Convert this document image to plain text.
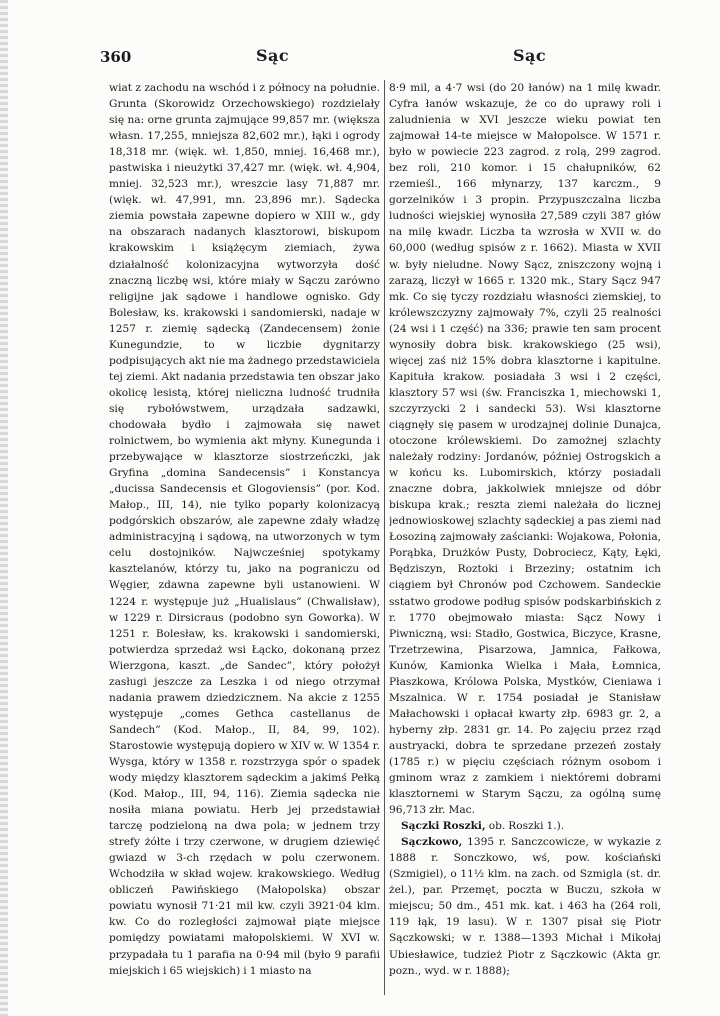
360	Sąc	Sąc

wiat z zachodu na wschód i z północy na południe. Grunta (Skorowidz Orzechowskiego) rozdzielały się na: orne grunta zajmujące 99,857 mr. (większa własn. 17,255, mniejsza 82,602 mr.), łąki i ogrody 18,318 mr. (więk. wł. 1,850, mniej. 16,468 mr.), pastwiska i nieużytki 37,427 mr. (więk. wł. 4,904, mniej. 32,523 mr.), wreszcie lasy 71,887 mr. (więk. wł. 47,991, mn. 23,896 mr.). Sądecka ziemia powstała zapewne dopiero w XIII w., gdy na obszarach nadanych klasztorowi, biskupom krakowskim i książęcym ziemiach, żywa działalność kolonizacyjna wytworzyła dość znaczną liczbę wsi, które miały w Sączu zarówno religijne jak sądowe i handlowe ognisko. Gdy Bolesław, ks. krakowski i sandomierski, nadaje w 1257 r. ziemię sądecką (Zandecensem) żonie Kunegundzie, to w liczbie dygnitarzy podpisujących akt nie ma żadnego przedstawiciela tej ziemi. Akt nadania przedstawia ten obszar jako okolicę lesistą, której nieliczna ludność trudniła się rybołówstwem, urządzała sadzawki, chodowała bydło i zajmowała się nawet rolnictwem, bo wymienia akt młyny. Kunegunda i przebywające w klasztorze siostrzeńczki, jak Gryfina „domina Sandecensis” i Konstancya „ducissa Sandecensis et Glogoviensis” (por. Kod. Małop., III, 14), nie tylko poparły kolonizacyą podgórskich obszarów, ale zapewne zdały władzę administracyjną i sądową, na utworzonych w tym celu dostojników. Najwcześniej spotykamy kasztelanów, którzy tu, jako na pograniczu od Węgier, zdawna zapewne byli ustanowieni. W 1224 r. występuje już „Hualislaus” (Chwalisław), w 1229 r. Dirsicraus (podobno syn Goworka). W 1251 r. Bolesław, ks. krakowski i sandomierski, potwierdza sprzedaż wsi Łącko, dokonaną przez Wierzgona, kaszt. „de Sandec”, który położył zasługi jeszcze za Leszka i od niego otrzymał nadania prawem dziedzicznem. Na akcie z 1255 występuje „comes Gethca castellanus de Sandech” (Kod. Małop., II, 84, 99, 102). Starostowie występują dopiero w XIV w. W 1354 r. Wysga, który w 1358 r. rozstrzyga spór o spadek wody między klasztorem sądeckim a jakimś Pełką (Kod. Małop., III, 94, 116). Ziemia sądecka nie nosiła miana powiatu. Herb jej przedstawiał tarczę podzieloną na dwa pola; w jednem trzy strefy żółte i trzy czerwone, w drugiem dziewięć gwiazd w 3-ch rzędach w polu czerwonem. Wchodziła w skład wojew. krakowskiego. Według obliczeń Pawińskiego (Małopolska) obszar powiatu wynosił 71·21 mil kw. czyli 3921·04 klm. kw. Co do rozległości zajmował piąte miejsce pomiędzy powiatami małopolskiemi. W XVI w. przypadała tu 1 parafia na 0·94 mil (było 9 parafii miejskich i 65 wiejskich) i 1 miasto na

8·9 mil, a 4·7 wsi (do 20 łanów) na 1 milę kwadr. Cyfra łanów wskazuje, że co do uprawy roli i zaludnienia w XVI jeszcze wieku powiat ten zajmował 14-te miejsce w Małopolsce. W 1571 r. było w powiecie 223 zagrod. z rolą, 299 zagrod. bez roli, 210 komor. i 15 chałupników, 62 rzemieśl., 166 młynarzy, 137 karczm., 9 gorzelników i 3 propin. Przypuszczalna liczba ludności wiejskiej wynosiła 27,589 czyli 387 głów na milę kwadr. Liczba ta wzrosła w XVII w. do 60,000 (według spisów z r. 1662). Miasta w XVII w. były nieludne. Nowy Sącz, zniszczony wojną i zarazą, liczył w 1665 r. 1320 mk., Stary Sącz 947 mk. Co się tyczy rozdziału własności ziemskiej, to królewszczyzny zajmowały 7%, czyli 25 realności (24 wsi i 1 część) na 336; prawie ten sam procent wynosiły dobra bisk. krakowskiego (25 wsi), więcej zaś niż 15% dobra klasztorne i kapitulne. Kapituła krakow. posiadała 3 wsi i 2 części, klasztory 57 wsi (św. Franciszka 1, miechowski 1, szczyrzycki 2 i sandecki 53). Wsi klasztorne ciągnęły się pasem w urodzajnej dolinie Dunajca, otoczone królewskiemi. Do zamożnej szlachty należały rodziny: Jordanów, później Ostrogskich a w końcu ks. Lubomirskich, którzy posiadali znaczne dobra, jakkolwiek mniejsze od dóbr biskupa krak.; reszta ziemi należała do licznej jednowioskowej szlachty sądeckiej a pas ziemi nad Łosoziną zajmowały zaścianki: Wojakowa, Połonia, Porąbka, Drużków Pusty, Dobrociecz, Kąty, Łęki, Będziszyn, Roztoki i Brzeziny; ostatnim ich ciągiem był Chronów pod Czchowem. Sandeckie sstatwo grodowe podług spisów podskarbińskich z r. 1770 obejmowało miasta: Sącz Nowy i Piwniczną, wsi: Stadło, Gostwica, Biczyce, Krasne, Trzetrzewina, Pisarzowa, Jamnica, Fałkowa, Kunów, Kamionka Wielka i Mała, Łomnica, Płaszkowa, Królowa Polska, Mystków, Cieniawa i Mszalnica. W r. 1754 posiadał je Stanisław Małachowski i opłacał kwarty złp. 6983 gr. 2, a hyberny złp. 2831 gr. 14. Po zajęciu przez rząd austryacki, dobra te sprzedane przezeń zostały (1785 r.) w pięciu częściach różnym osobom i gminom wraz z zamkiem i niektóremi dobrami klasztornemi w Starym Sączu, za ogólną sumę 96,713 złr. Mac.

Sączki Roszki, ob. Roszki 1.).

Sączkowo, 1395 r. Sanczcowicze, w wykazie z 1888 r. Sonczkowo, wś, pow. kościański (Szmigiel), o 11½ klm. na zach. od Szmigla (st. dr. żel.), par. Przemęt, poczta w Buczu, szkoła w miejscu; 50 dm., 451 mk. kat. i 463 ha (264 roli, 119 łąk, 19 lasu). W r. 1307 pisał się Piotr Sączkowski; w r. 1388—1393 Michał i Mikołaj Ubiesławice, tudzież Piotr z Sączkowic (Akta gr. pozn., wyd. w r. 1888);
